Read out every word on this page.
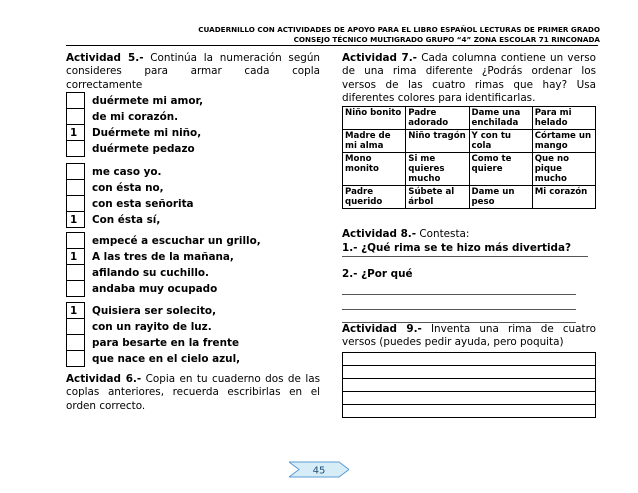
CUADERNILLO CON ACTIVIDADES DE APOYO PARA EL LIBRO ESPAÑOL LECTURAS DE PRIMER GRADO
CONSEJO TÉCNICO MULTIGRADO GRUPO “4” ZONA ESCOLAR 71 RINCONADA
Actividad 5.- Continúa la numeración según consideres para armar cada copla correctamente
	duérmete mi amor,
	de mi corazón.
1	Duérmete mi niño,
	duérmete pedazo
	me caso yo.
	con ésta no,
	con esta señorita
1	Con ésta sí,
	empecé a escuchar un grillo,
1	A las tres de la mañana,
	afilando su cuchillo.
	andaba muy ocupado
1	Quisiera ser solecito,
	con un rayito de luz.
	para besarte en la frente
	que nace en el cielo azul,
Actividad 6.- Copia en tu cuaderno dos de las coplas anteriores, recuerda escribirlas en el orden correcto.
Actividad 7.- Cada columna contiene un verso de una rima diferente ¿Podrás ordenar los versos de las cuatro rimas que hay? Usa diferentes colores para identificarlas.
Niño bonito	Padre adorado	Dame una enchilada	Para mi helado
Madre de mi alma	Niño tragón	Y con tu cola	Córtame un mango
Mono monito	Si me quieres mucho	Como te quiere	Que no pique mucho
Padre querido	Súbete al árbol	Dame un peso	Mi corazón
Actividad 8.- Contesta:
1.- ¿Qué rima se te hizo más divertida?
2.- ¿Por qué
Actividad 9.- Inventa una rima de cuatro versos (puedes pedir ayuda, pero poquita)

45
